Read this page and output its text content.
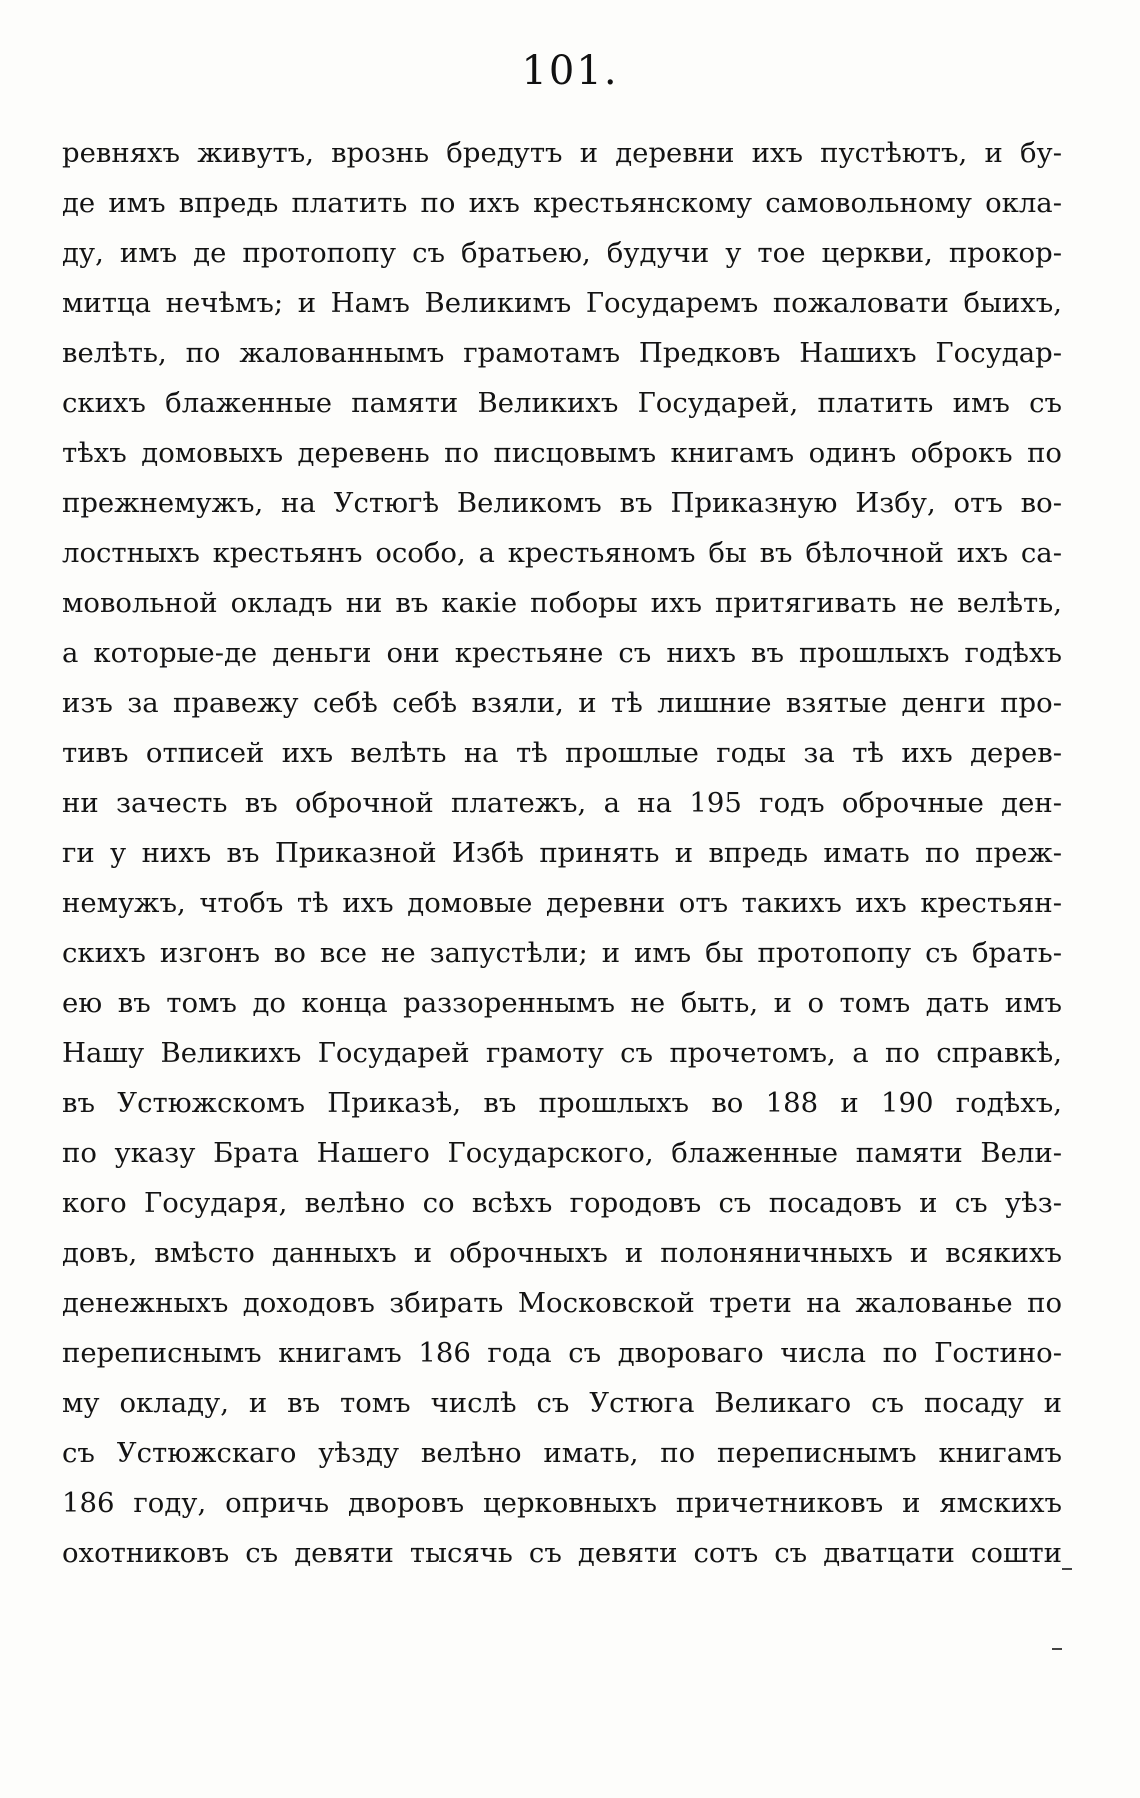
101.
ревняхъ живутъ, врознь бредутъ и деревни ихъ пустѣютъ, и бу-
де имъ впредь платить по ихъ крестьянскому самовольному окла-
ду, имъ де протопопу съ братьею, будучи у тое церкви, прокор-
митца нечѣмъ; и Намъ Великимъ Государемъ пожаловати быихъ,
велѣть, по жалованнымъ грамотамъ Предковъ Нашихъ Государ-
скихъ блаженные памяти Великихъ Государей, платить имъ съ
тѣхъ домовыхъ деревень по писцовымъ книгамъ одинъ оброкъ по
прежнемужъ, на Устюгѣ Великомъ въ Приказную Избу, отъ во-
лостныхъ крестьянъ особо, а крестьяномъ бы въ бѣлочной ихъ са-
мовольной окладъ ни въ какіе поборы ихъ притягивать не велѣть,
а которые-де деньги они крестьяне съ нихъ въ прошлыхъ годѣхъ
изъ за правежу себѣ себѣ взяли, и тѣ лишние взятые денги про-
тивъ отписей ихъ велѣть на тѣ прошлые годы за тѣ ихъ дерев-
ни зачесть въ оброчной платежъ, а на 195 годъ оброчные ден-
ги у нихъ въ Приказной Избѣ принять и впредь имать по преж-
немужъ, чтобъ тѣ ихъ домовые деревни отъ такихъ ихъ крестьян-
скихъ изгонъ во все не запустѣли; и имъ бы протопопу съ брать-
ею въ томъ до конца раззореннымъ не быть, и о томъ дать имъ
Нашу Великихъ Государей грамоту съ прочетомъ, а по справкѣ,
въ Устюжскомъ Приказѣ, въ прошлыхъ во 188 и 190 годѣхъ,
по указу Брата Нашего Государского, блаженные памяти Вели-
кого Государя, велѣно со всѣхъ городовъ съ посадовъ и съ уѣз-
довъ, вмѣсто данныхъ и оброчныхъ и полоняничныхъ и всякихъ
денежныхъ доходовъ збирать Московской трети на жалованье по
переписнымъ книгамъ 186 года съ двороваго числа по Гостино-
му окладу, и въ томъ числѣ съ Устюга Великаго съ посаду и
съ Устюжскаго уѣзду велѣно имать, по переписнымъ книгамъ
186 году, опричь дворовъ церковныхъ причетниковъ и ямскихъ
охотниковъ съ девяти тысячь съ девяти сотъ съ дватцати сошти
